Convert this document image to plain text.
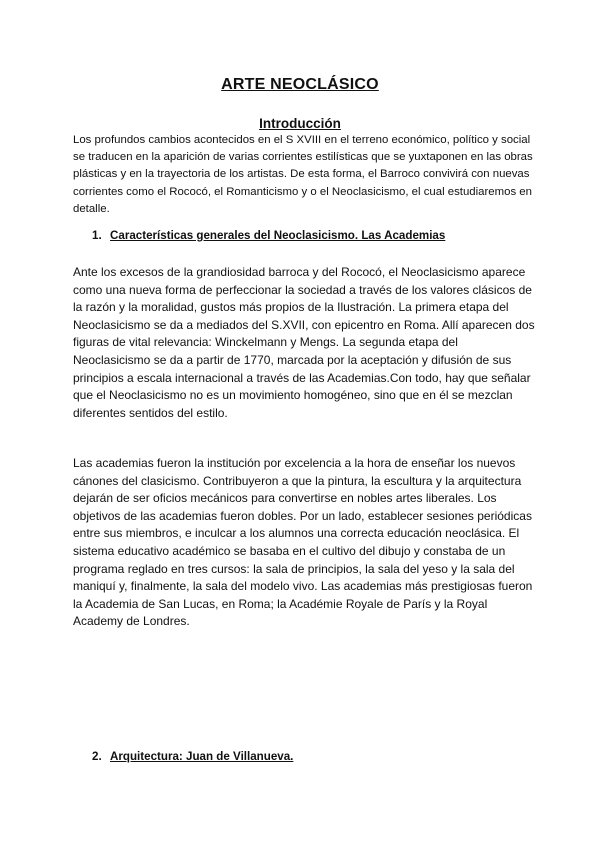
ARTE NEOCLÁSICO
Introducción

Los profundos cambios acontecidos en el S XVIII en el terreno económico, político y social se traducen en la aparición de varias corrientes estilísticas que se yuxtaponen en las obras plásticas y en la trayectoria de los artistas. De esta forma, el Barroco convivirá con nuevas corrientes como el Rococó, el Romanticismo y o el Neoclasicismo, el cual estudiaremos en detalle.

1. Características generales del Neoclasicismo. Las Academias

Ante los excesos de la grandiosidad barroca y del Rococó, el Neoclasicismo aparece como una nueva forma de perfeccionar la sociedad a través de los valores clásicos de la razón y la moralidad, gustos más propios de la Ilustración. La primera etapa del Neoclasicismo se da a mediados del S.XVII, con epicentro en Roma. Allí aparecen dos figuras de vital relevancia: Winckelmann y Mengs. La segunda etapa del Neoclasicismo se da a partir de 1770, marcada por la aceptación y difusión de sus principios a escala internacional a través de las Academias.Con todo, hay que señalar que el Neoclasicismo no es un movimiento homogéneo, sino que en él se mezclan diferentes sentidos del estilo.

Las academias fueron la institución por excelencia a la hora de enseñar los nuevos cánones del clasicismo. Contribuyeron a que la pintura, la escultura y la arquitectura dejarán de ser oficios mecánicos para convertirse en nobles artes liberales. Los objetivos de las academias fueron dobles. Por un lado, establecer sesiones periódicas entre sus miembros, e inculcar a los alumnos una correcta educación neoclásica. El sistema educativo académico se basaba en el cultivo del dibujo y constaba de un programa reglado en tres cursos: la sala de principios, la sala del yeso y la sala del maniquí y, finalmente, la sala del modelo vivo. Las academias más prestigiosas fueron la Academia de San Lucas, en Roma; la Académie Royale de París y la Royal Academy de Londres.

2. Arquitectura: Juan de Villanueva.
